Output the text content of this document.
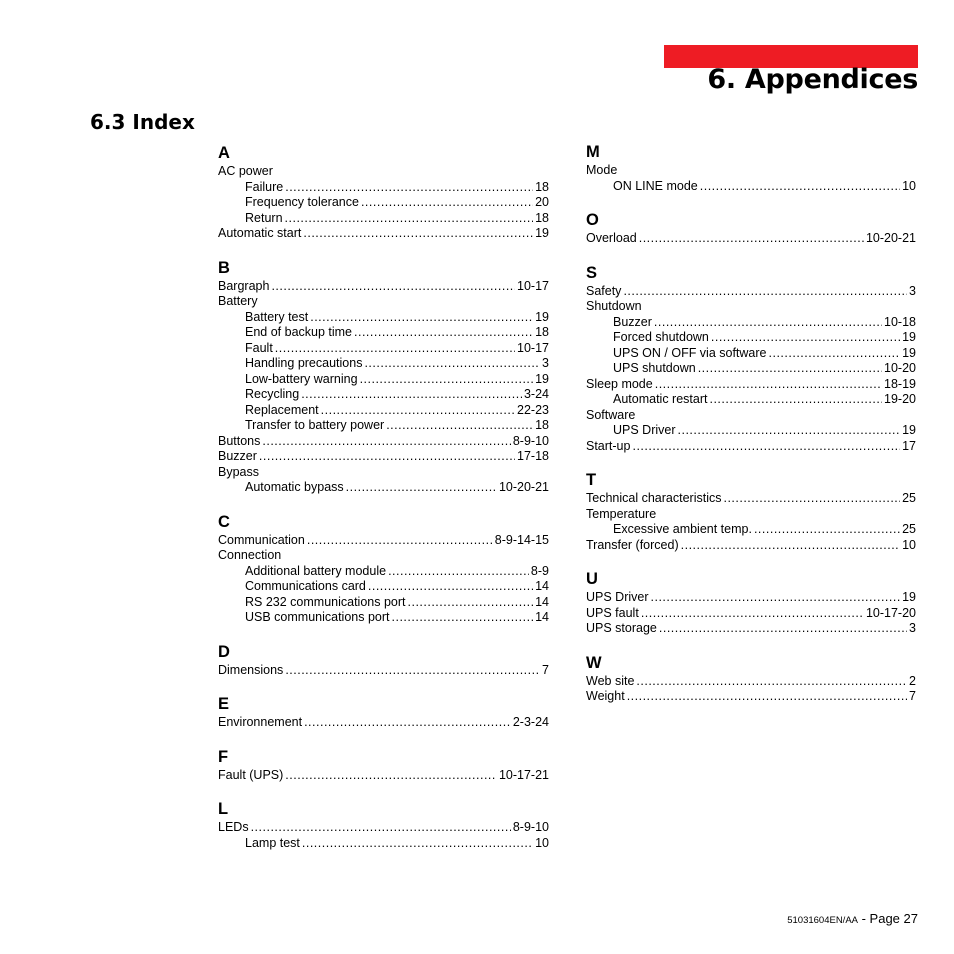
6. Appendices
6.3 Index
A
AC power
Failure .....	18
Frequency tolerance .....	20
Return .....	18
Automatic start .....	19
B
Bargraph .....	10-17
Battery
Battery test .....	19
End of backup time .....	18
Fault .....	10-17
Handling precautions .....	3
Low-battery warning .....	19
Recycling .....	3-24
Replacement .....	22-23
Transfer to battery power .....	18
Buttons .....	8-9-10
Buzzer .....	17-18
Bypass
Automatic bypass .....	10-20-21
C
Communication .....	8-9-14-15
Connection
Additional battery module .....	8-9
Communications card .....	14
RS 232 communications port .....	14
USB communications port .....	14
D
Dimensions .....	7
E
Environnement .....	2-3-24
F
Fault (UPS) .....	10-17-21
L
LEDs .....	8-9-10
Lamp test .....	10
M
Mode
ON LINE mode .....	10
O
Overload .....	10-20-21
S
Safety .....	3
Shutdown
Buzzer .....	10-18
Forced shutdown .....	19
UPS ON / OFF via software .....	19
UPS shutdown .....	10-20
Sleep mode .....	18-19
Automatic restart .....	19-20
Software
UPS Driver .....	19
Start-up .....	17
T
Technical characteristics .....	25
Temperature
Excessive ambient temp. .....	25
Transfer (forced) .....	10
U
UPS Driver .....	19
UPS fault .....	10-17-20
UPS storage .....	3
W
Web site .....	2
Weight .....	7
51031604EN/AA - Page 27
